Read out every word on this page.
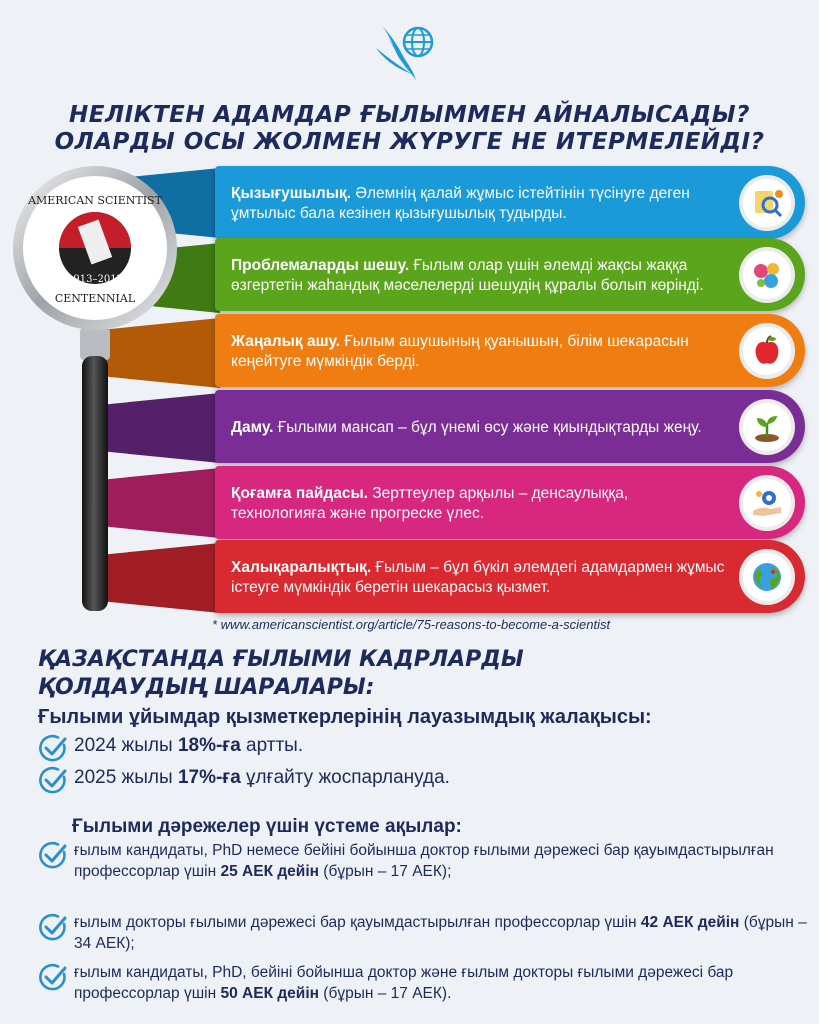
НЕЛІКТЕН АДАМДАР ҒЫЛЫММЕН АЙНАЛЫСАДЫ?
ОЛАРДЫ ОСЫ ЖОЛМЕН ЖҮРУГЕ НЕ ИТЕРМЕЛЕЙДІ?
AMERICAN SCIENTIST
CENTENNIAL
1913–2012
Қызығушылық. Әлемнің қалай жұмыс істейтінін түсінуге деген ұмтылыс бала кезінен қызығушылық тудырды.
Проблемаларды шешу. Ғылым олар үшін әлемді жақсы жаққа өзгертетін жаһандық мәселелерді шешудің құралы болып көрінді.
Жаңалық ашу. Ғылым ашушының қуанышын, білім шекарасын кеңейтуге мүмкіндік берді.
Даму. Ғылыми мансап – бұл үнемі өсу және қиындықтарды жеңу.
Қоғамға пайдасы. Зерттеулер арқылы – денсаулыққа, технологияға және прогреске үлес.
Халықаралықтық. Ғылым – бұл бүкіл әлемдегі адамдармен жұмыс істеуге мүмкіндік беретін шекарасыз қызмет.
* www.americanscientist.org/article/75-reasons-to-become-a-scientist
ҚАЗАҚСТАНДА ҒЫЛЫМИ КАДРЛАРДЫ
ҚОЛДАУДЫҢ ШАРАЛАРЫ:
Ғылыми ұйымдар қызметкерлерінің лауазымдық жалақысы:
2024 жылы 18%-ға артты.
2025 жылы 17%-ға ұлғайту жоспарлануда.
Ғылыми дәрежелер үшін үстеме ақылар:
ғылым кандидаты, PhD немесе бейіні бойынша доктор ғылыми дәрежесі бар қауымдастырылған профессорлар үшін 25 АЕК дейін (бұрын – 17 АЕК);
ғылым докторы ғылыми дәрежесі бар қауымдастырылған профессорлар үшін 42 АЕК дейін (бұрын – 34 АЕК);
ғылым кандидаты, PhD, бейіні бойынша доктор және ғылым докторы ғылыми дәрежесі бар профессорлар үшін 50 АЕК дейін (бұрын – 17 АЕК).
